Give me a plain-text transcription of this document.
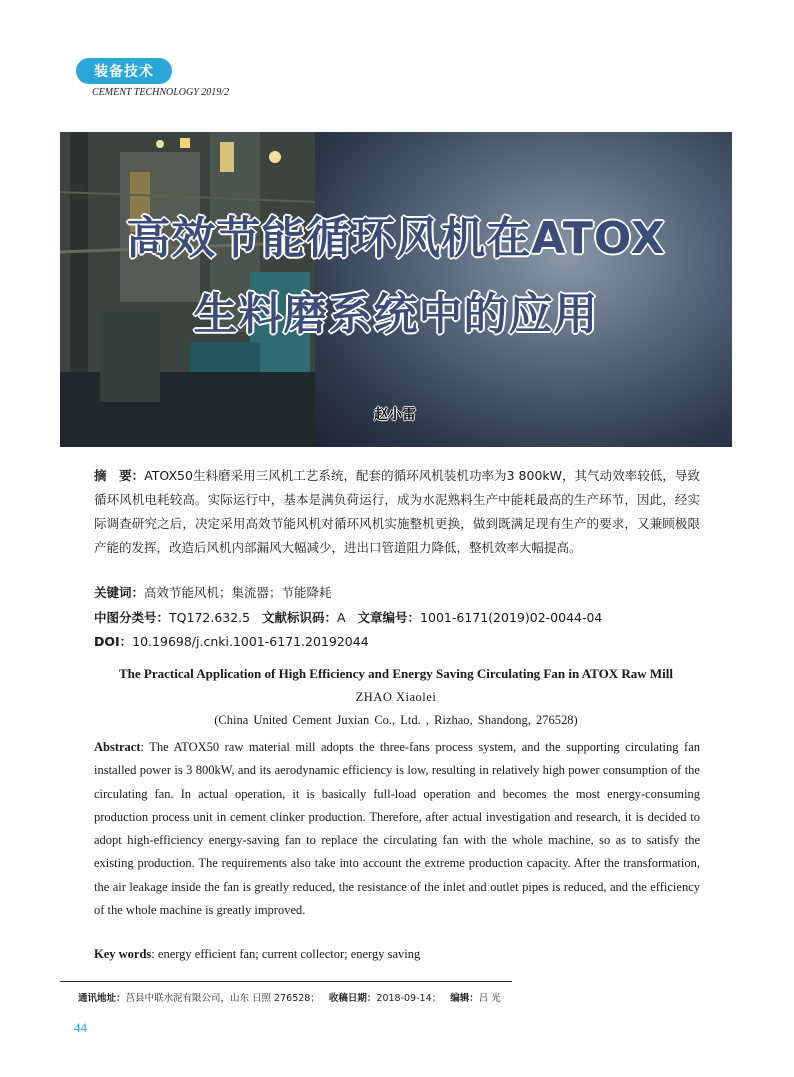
装备技术
CEMENT TECHNOLOGY 2019/2
高效节能循环风机在ATOX
生料磨系统中的应用
赵小雷
摘　要：ATOX50生料磨采用三风机工艺系统，配套的循环风机装机功率为3 800kW，其气动效率较低，导致循环风机电耗较高。实际运行中，基本是满负荷运行，成为水泥熟料生产中能耗最高的生产环节，因此，经实际调查研究之后，决定采用高效节能风机对循环风机实施整机更换，做到既满足现有生产的要求，又兼顾极限产能的发挥，改造后风机内部漏风大幅减少，进出口管道阻力降低，整机效率大幅提高。
关键词：高效节能风机；集流器；节能降耗
中图分类号：TQ172.632.5 文献标识码：A 文章编号：1001-6171(2019)02-0044-04
DOI：10.19698/j.cnki.1001-6171.20192044
The Practical Application of High Efficiency and Energy Saving Circulating Fan in ATOX Raw Mill
ZHAO Xiaolei
(China United Cement Juxian Co., Ltd. , Rizhao, Shandong, 276528)
Abstract: The ATOX50 raw material mill adopts the three-fans process system, and the supporting circulating fan installed power is 3 800kW, and its aerodynamic efficiency is low, resulting in relatively high power consumption of the circulating fan. In actual operation, it is basically full-load operation and becomes the most energy-consuming production process unit in cement clinker production. Therefore, after actual investigation and research, it is decided to adopt high-efficiency energy-saving fan to replace the circulating fan with the whole machine, so as to satisfy the existing production. The requirements also take into account the extreme production capacity. After the transformation, the air leakage inside the fan is greatly reduced, the resistance of the inlet and outlet pipes is reduced, and the efficiency of the whole machine is greatly improved.
Key words: energy efficient fan; current collector; energy saving
通讯地址：莒县中联水泥有限公司，山东 日照 276528； 收稿日期：2018-09-14； 编辑：吕 光
44
